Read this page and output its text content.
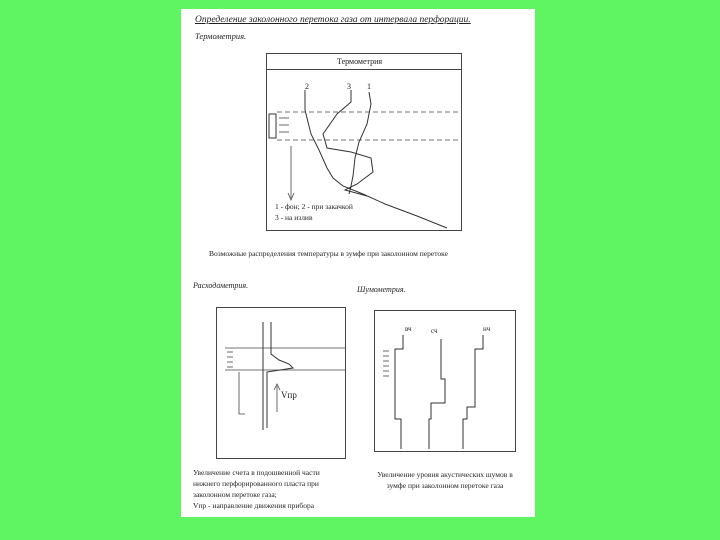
Определение заколонного перетока газа от интервала перфорации.
Термометрия.
Термометрия
2	3 1
1 - фон; 2 - при закачкой
3 - на излив
Возможные распределения температуры в зумфе при заколонном перетоке
Расходометрия.	Шумометрия.
Vпр
вч	сч	нч
Увеличение счета в подошвенной части
нижнего перфорированного пласта при
заколонном перетоке газа;
Vпр - направление движения прибора
Увеличение уровня акустических шумов в
зумфе при заколонном перетоке газа
